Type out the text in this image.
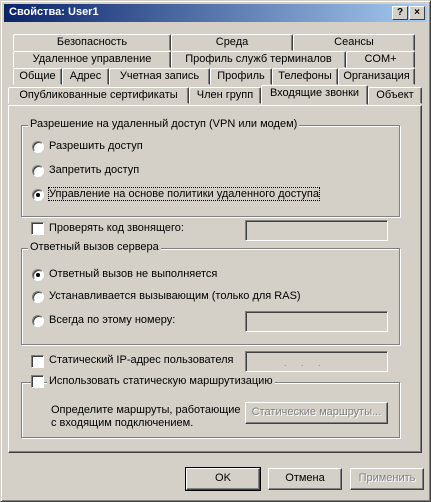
Свойства: User1	?	×
Безопасность	Среда	Сеансы
Удаленное управление	Профиль служб терминалов	COM+
Общие	Адрес	Учетная запись	Профиль	Телефоны	Организация
Опубликованные сертификаты	Член групп	Входящие звонки	Объект
Разрешение на удаленный доступ (VPN или модем)
Разрешить доступ
Запретить доступ
Управление на основе политики удаленного доступа
Проверять код звонящего:
Ответный вызов сервера
Ответный вызов не выполняется
Устанавливается вызывающим (только для RAS)
Всегда по этому номеру:
Статический IP-адрес пользователя	. . .
Использовать статическую маршрутизацию
Определите маршруты, работающие
с входящим подключением.
Статические маршруты...
OK	Отмена	Применить
